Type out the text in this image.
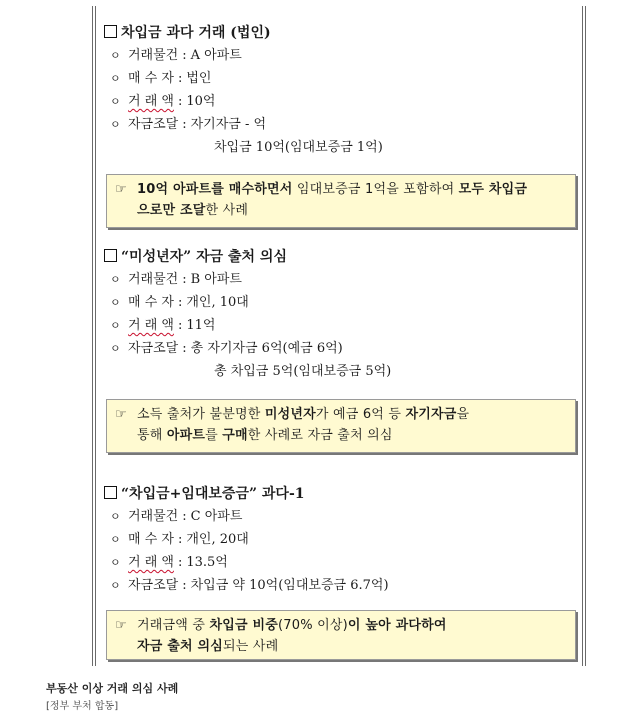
차입금 과다 거래 (법인)
ㅇ 거래물건 : A 아파트
ㅇ 매 수 자 : 법인
ㅇ 거 래 액 : 10억
ㅇ 자금조달 : 자기자금 - 억
차입금 10억(임대보증금 1억)
☞ 10억 아파트를 매수하면서 임대보증금 1억을 포함하여 모두 차입금
으로만 조달한 사례
“미성년자” 자금 출처 의심
ㅇ 거래물건 : B 아파트
ㅇ 매 수 자 : 개인, 10대
ㅇ 거 래 액 : 11억
ㅇ 자금조달 : 총 자기자금 6억(예금 6억)
총 차입금 5억(임대보증금 5억)
☞ 소득 출처가 불분명한 미성년자가 예금 6억 등 자기자금을
통해 아파트를 구매한 사례로 자금 출처 의심
“차입금+임대보증금” 과다-1
ㅇ 거래물건 : C 아파트
ㅇ 매 수 자 : 개인, 20대
ㅇ 거 래 액 : 13.5억
ㅇ 자금조달 : 차입금 약 10억(임대보증금 6.7억)
☞ 거래금액 중 차입금 비중(70% 이상)이 높아 과다하여
자금 출처 의심되는 사례
부동산 이상 거래 의심 사례
[정부 부처 합동]
